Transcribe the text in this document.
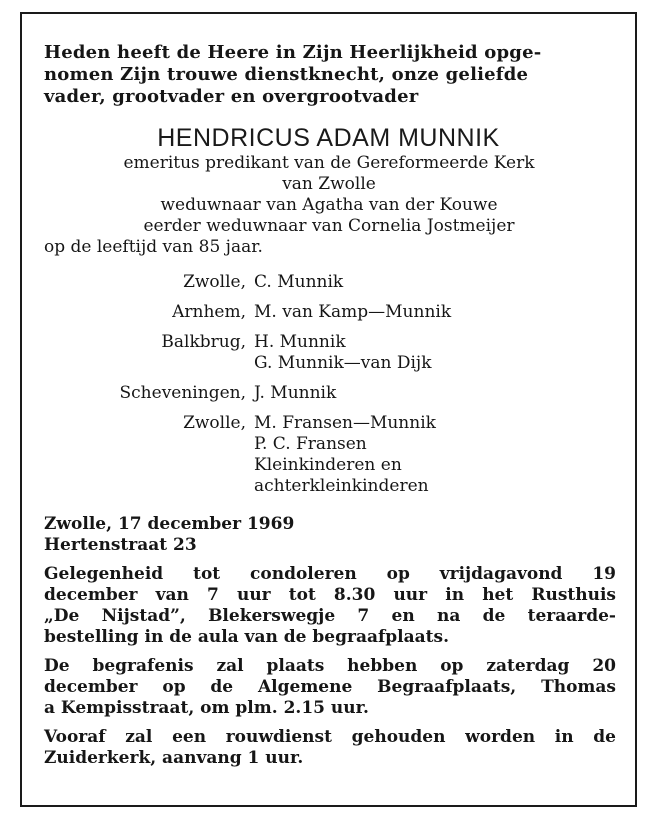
Heden heeft de Heere in Zijn Heerlijkheid opge-
nomen Zijn trouwe dienstknecht, onze geliefde
vader, grootvader en overgrootvader
HENDRICUS ADAM MUNNIK
emeritus predikant van de Gereformeerde Kerk
van Zwolle
weduwnaar van Agatha van der Kouwe
eerder weduwnaar van Cornelia Jostmeijer
op de leeftijd van 85 jaar.
Zwolle, C. Munnik
Arnhem, M. van Kamp—Munnik
Balkbrug, H. Munnik
G. Munnik—van Dijk
Scheveningen, J. Munnik
Zwolle, M. Fransen—Munnik
P. C. Fransen
Kleinkinderen en
achterkleinkinderen
Zwolle, 17 december 1969
Hertenstraat 23
Gelegenheid tot condoleren op vrijdagavond 19
december van 7 uur tot 8.30 uur in het Rusthuis
„De Nijstad”, Blekerswegje 7 en na de teraarde-
bestelling in de aula van de begraafplaats.
De begrafenis zal plaats hebben op zaterdag 20
december op de Algemene Begraafplaats, Thomas
a Kempisstraat, om plm. 2.15 uur.
Vooraf zal een rouwdienst gehouden worden in de
Zuiderkerk, aanvang 1 uur.
